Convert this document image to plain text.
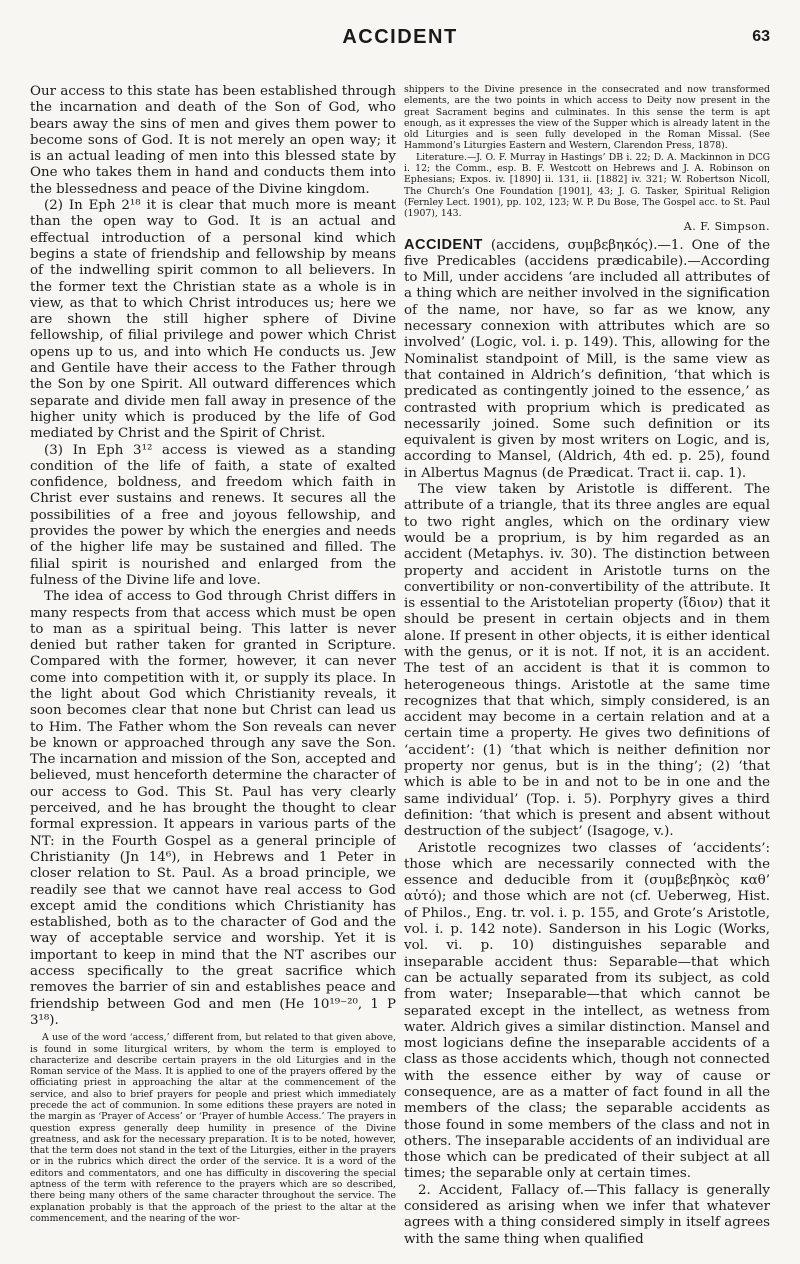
ACCIDENT	63

Our access to this state has been established through the incarnation and death of the Son of God, who bears away the sins of men and gives them power to become sons of God. It is not merely an open way; it is an actual leading of men into this blessed state by One who takes them in hand and conducts them into the blessedness and peace of the Divine kingdom.

(2) In Eph 2¹⁸ it is clear that much more is meant than the open way to God. It is an actual and effectual introduction of a personal kind which begins a state of friendship and fellowship by means of the indwelling spirit common to all believers. In the former text the Christian state as a whole is in view, as that to which Christ introduces us; here we are shown the still higher sphere of Divine fellowship, of filial privilege and power which Christ opens up to us, and into which He conducts us. Jew and Gentile have their access to the Father through the Son by one Spirit. All outward differences which separate and divide men fall away in presence of the higher unity which is produced by the life of God mediated by Christ and the Spirit of Christ.

(3) In Eph 3¹² access is viewed as a standing condition of the life of faith, a state of exalted confidence, boldness, and freedom which faith in Christ ever sustains and renews. It secures all the possibilities of a free and joyous fellowship, and provides the power by which the energies and needs of the higher life may be sustained and filled. The filial spirit is nourished and enlarged from the fulness of the Divine life and love.

The idea of access to God through Christ differs in many respects from that access which must be open to man as a spiritual being. This latter is never denied but rather taken for granted in Scripture. Compared with the former, however, it can never come into competition with it, or supply its place. In the light about God which Christianity reveals, it soon becomes clear that none but Christ can lead us to Him. The Father whom the Son reveals can never be known or approached through any save the Son. The incarnation and mission of the Son, accepted and believed, must henceforth determine the character of our access to God. This St. Paul has very clearly perceived, and he has brought the thought to clear formal expression. It appears in various parts of the NT: in the Fourth Gospel as a general principle of Christianity (Jn 14⁶), in Hebrews and 1 Peter in closer relation to St. Paul. As a broad principle, we readily see that we cannot have real access to God except amid the conditions which Christianity has established, both as to the character of God and the way of acceptable service and worship. Yet it is important to keep in mind that the NT ascribes our access specifically to the great sacrifice which removes the barrier of sin and establishes peace and friendship between God and men (He 10¹⁹⁻²⁰, 1 P 3¹⁸).

A use of the word ‘access,’ different from, but related to that given above, is found in some liturgical writers, by whom the term is employed to characterize and describe certain prayers in the old Liturgies and in the Roman service of the Mass. It is applied to one of the prayers offered by the officiating priest in approaching the altar at the commencement of the service, and also to brief prayers for people and priest which immediately precede the act of communion. In some editions these prayers are noted in the margin as ‘Prayer of Access’ or ‘Prayer of humble Access.’ The prayers in question express generally deep humility in presence of the Divine greatness, and ask for the necessary preparation. It is to be noted, however, that the term does not stand in the text of the Liturgies, either in the prayers or in the rubrics which direct the order of the service. It is a word of the editors and commentators, and one has difficulty in discovering the special aptness of the term with reference to the prayers which are so described, there being many others of the same character throughout the service. The explanation probably is that the approach of the priest to the altar at the commencement, and the nearing of the wor-

shippers to the Divine presence in the consecrated and now transformed elements, are the two points in which access to Deity now present in the great Sacrament begins and culminates. In this sense the term is apt enough, as it expresses the view of the Supper which is already latent in the old Liturgies and is seen fully developed in the Roman Missal. (See Hammond’s Liturgies Eastern and Western, Clarendon Press, 1878).

Literature.—J. O. F. Murray in Hastings’ DB i. 22; D. A. Mackinnon in DCG i. 12; the Comm., esp. B. F. Westcott on Hebrews and J. A. Robinson on Ephesians; Expos. iv. [1890] ii. 131, ii. [1882] iv. 321; W. Robertson Nicoll, The Church’s One Foundation [1901], 43; J. G. Tasker, Spiritual Religion (Fernley Lect. 1901), pp. 102, 123; W. P. Du Bose, The Gospel acc. to St. Paul (1907), 143.

A. F. Simpson.

ACCIDENT (accidens, συμβεβηκός).—1. One of the five Predicables (accidens prædicabile).—According to Mill, under accidens ‘are included all attributes of a thing which are neither involved in the signification of the name, nor have, so far as we know, any necessary connexion with attributes which are so involved’ (Logic, vol. i. p. 149). This, allowing for the Nominalist standpoint of Mill, is the same view as that contained in Aldrich’s definition, ‘that which is predicated as contingently joined to the essence,’ as contrasted with proprium which is predicated as necessarily joined. Some such definition or its equivalent is given by most writers on Logic, and is, according to Mansel, (Aldrich, 4th ed. p. 25), found in Albertus Magnus (de Prædicat. Tract ii. cap. 1).

The view taken by Aristotle is different. The attribute of a triangle, that its three angles are equal to two right angles, which on the ordinary view would be a proprium, is by him regarded as an accident (Metaphys. iv. 30). The distinction between property and accident in Aristotle turns on the convertibility or non-convertibility of the attribute. It is essential to the Aristotelian property (ἴδιον) that it should be present in certain objects and in them alone. If present in other objects, it is either identical with the genus, or it is not. If not, it is an accident. The test of an accident is that it is common to heterogeneous things. Aristotle at the same time recognizes that that which, simply considered, is an accident may become in a certain relation and at a certain time a property. He gives two definitions of ‘accident’: (1) ‘that which is neither definition nor property nor genus, but is in the thing’; (2) ‘that which is able to be in and not to be in one and the same individual’ (Top. i. 5). Porphyry gives a third definition: ‘that which is present and absent without destruction of the subject’ (Isagoge, v.).

Aristotle recognizes two classes of ‘accidents’: those which are necessarily connected with the essence and deducible from it (συμβεβηκὸς καθ’ αὑτό); and those which are not (cf. Ueberweg, Hist. of Philos., Eng. tr. vol. i. p. 155, and Grote’s Aristotle, vol. i. p. 142 note). Sanderson in his Logic (Works, vol. vi. p. 10) distinguishes separable and inseparable accident thus: Separable—that which can be actually separated from its subject, as cold from water; Inseparable—that which cannot be separated except in the intellect, as wetness from water. Aldrich gives a similar distinction. Mansel and most logicians define the inseparable accidents of a class as those accidents which, though not connected with the essence either by way of cause or consequence, are as a matter of fact found in all the members of the class; the separable accidents as those found in some members of the class and not in others. The inseparable accidents of an individual are those which can be predicated of their subject at all times; the separable only at certain times.

2. Accident, Fallacy of.—This fallacy is generally considered as arising when we infer that whatever agrees with a thing considered simply in itself agrees with the same thing when qualified
